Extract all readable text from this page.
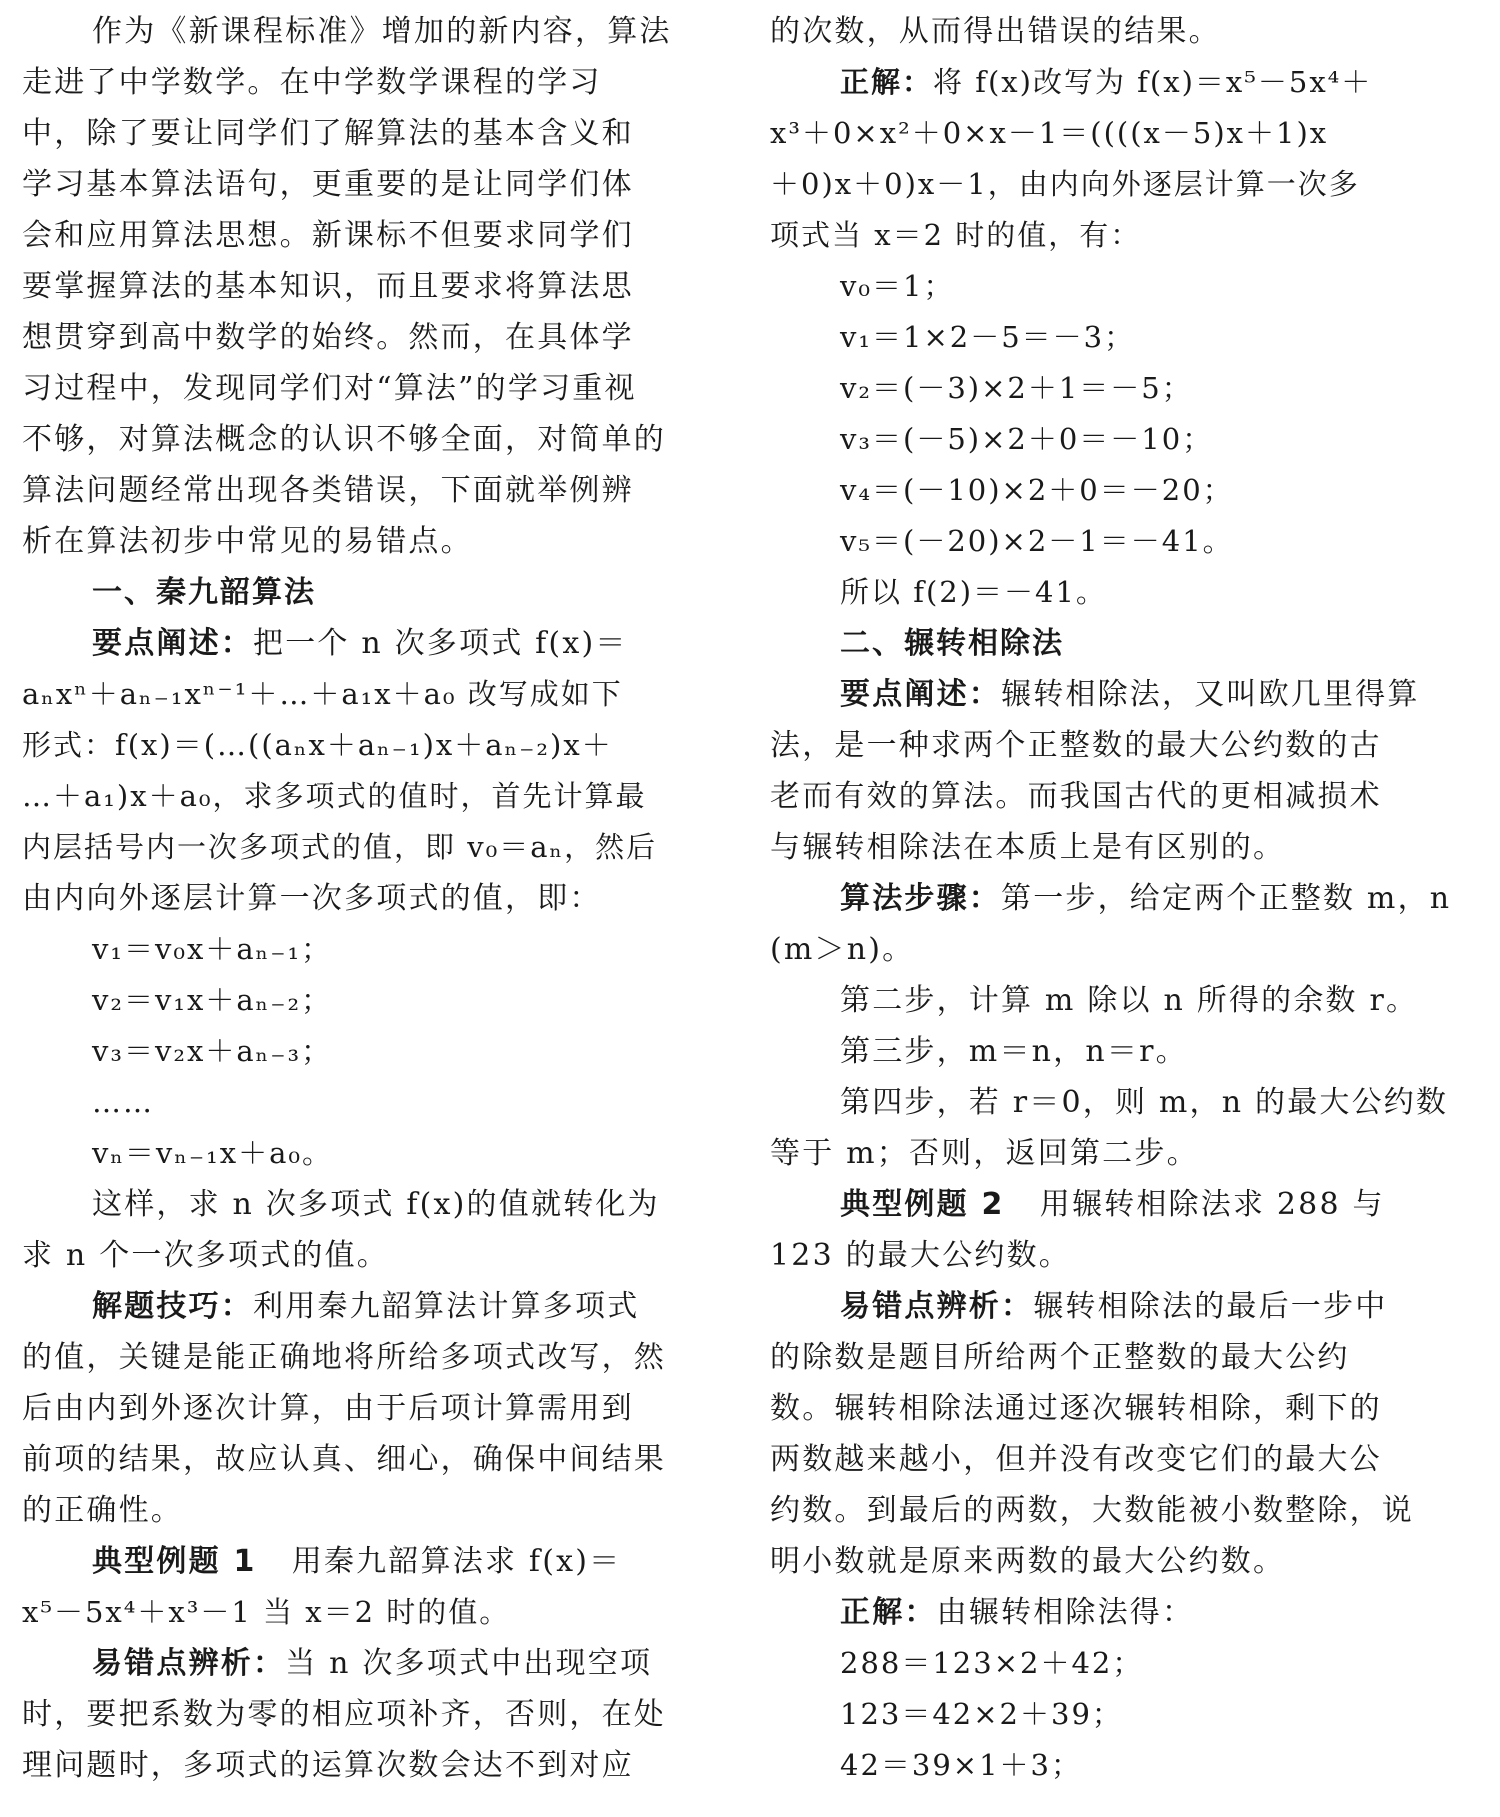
作为《新课程标准》增加的新内容，算法
走进了中学数学。在中学数学课程的学习
中，除了要让同学们了解算法的基本含义和
学习基本算法语句，更重要的是让同学们体
会和应用算法思想。新课标不但要求同学们
要掌握算法的基本知识，而且要求将算法思
想贯穿到高中数学的始终。然而，在具体学
习过程中，发现同学们对“算法”的学习重视
不够，对算法概念的认识不够全面，对简单的
算法问题经常出现各类错误，下面就举例辨
析在算法初步中常见的易错点。
一、秦九韶算法
要点阐述：把一个 n 次多项式 f(x)＝
aₙxⁿ＋aₙ₋₁xⁿ⁻¹＋…＋a₁x＋a₀ 改写成如下
形式：f(x)＝(…((aₙx＋aₙ₋₁)x＋aₙ₋₂)x＋
…＋a₁)x＋a₀，求多项式的值时，首先计算最
内层括号内一次多项式的值，即 v₀＝aₙ，然后
由内向外逐层计算一次多项式的值，即：
v₁＝v₀x＋aₙ₋₁；
v₂＝v₁x＋aₙ₋₂；
v₃＝v₂x＋aₙ₋₃；
……
vₙ＝vₙ₋₁x＋a₀。
这样，求 n 次多项式 f(x)的值就转化为
求 n 个一次多项式的值。
解题技巧：利用秦九韶算法计算多项式
的值，关键是能正确地将所给多项式改写，然
后由内到外逐次计算，由于后项计算需用到
前项的结果，故应认真、细心，确保中间结果
的正确性。
典型例题 1 用秦九韶算法求 f(x)＝
x⁵－5x⁴＋x³－1 当 x＝2 时的值。
易错点辨析：当 n 次多项式中出现空项
时，要把系数为零的相应项补齐，否则，在处
理问题时，多项式的运算次数会达不到对应
的次数，从而得出错误的结果。
正解：将 f(x)改写为 f(x)＝x⁵－5x⁴＋
x³＋0×x²＋0×x－1＝((((x－5)x＋1)x
＋0)x＋0)x－1，由内向外逐层计算一次多
项式当 x＝2 时的值，有：
v₀＝1；
v₁＝1×2－5＝－3；
v₂＝(－3)×2＋1＝－5；
v₃＝(－5)×2＋0＝－10；
v₄＝(－10)×2＋0＝－20；
v₅＝(－20)×2－1＝－41。
所以 f(2)＝－41。
二、辗转相除法
要点阐述：辗转相除法，又叫欧几里得算
法，是一种求两个正整数的最大公约数的古
老而有效的算法。而我国古代的更相减损术
与辗转相除法在本质上是有区别的。
算法步骤：第一步，给定两个正整数 m，n
(m＞n)。
第二步，计算 m 除以 n 所得的余数 r。
第三步，m＝n，n＝r。
第四步，若 r＝0，则 m，n 的最大公约数
等于 m；否则，返回第二步。
典型例题 2 用辗转相除法求 288 与
123 的最大公约数。
易错点辨析：辗转相除法的最后一步中
的除数是题目所给两个正整数的最大公约
数。辗转相除法通过逐次辗转相除，剩下的
两数越来越小，但并没有改变它们的最大公
约数。到最后的两数，大数能被小数整除，说
明小数就是原来两数的最大公约数。
正解：由辗转相除法得：
288＝123×2＋42；
123＝42×2＋39；
42＝39×1＋3；
